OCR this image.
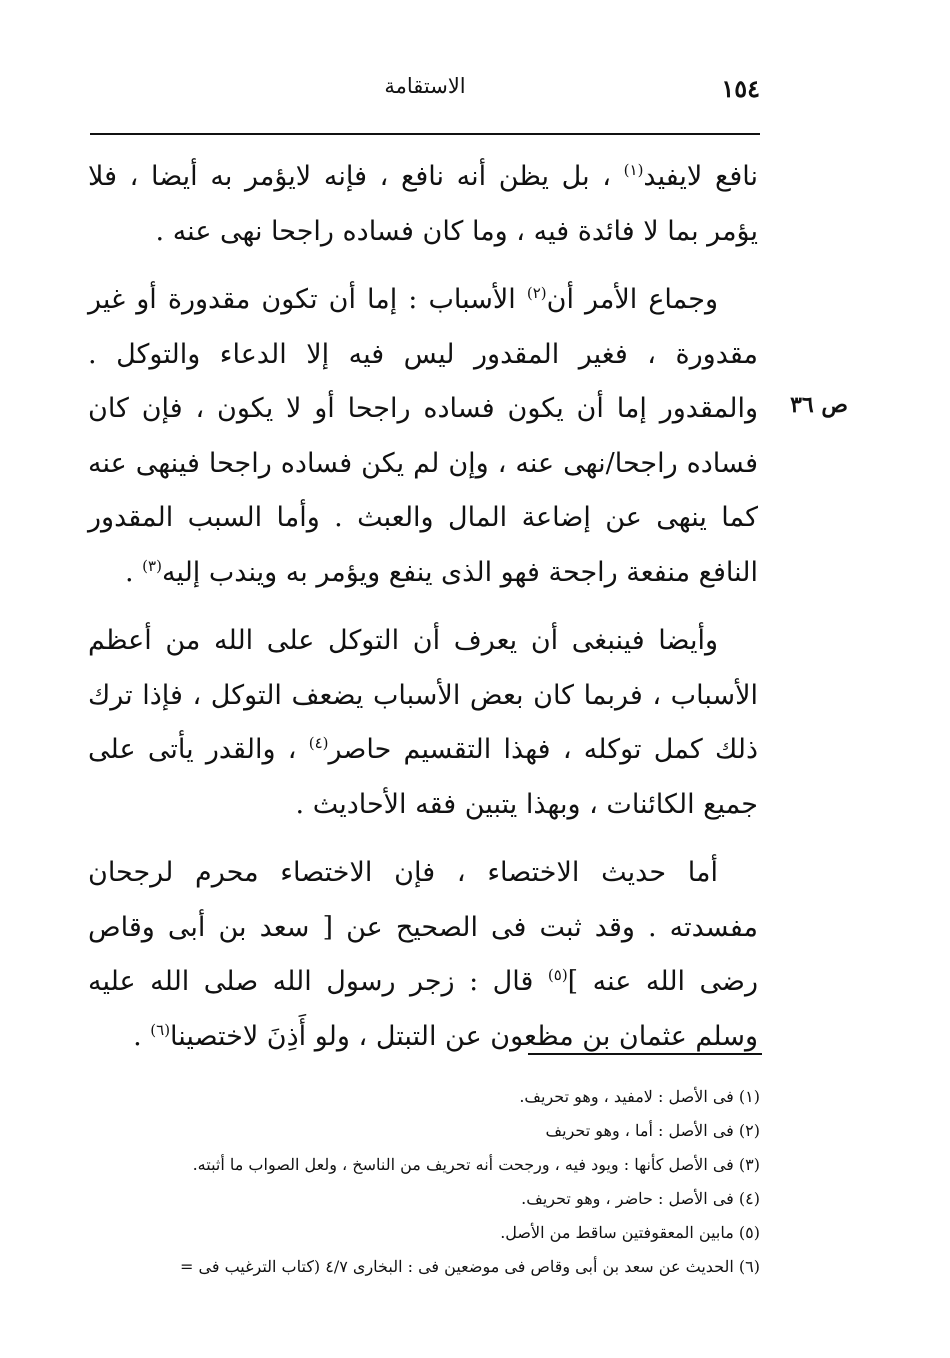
١٥٤
الاستقامة
ص ٣٦

نافع لايفيد$^{(١)}$ ، بل يظن أنه نافع ، فإنه لايؤمر به أيضا ، فلا يؤمر بما لا فائدة فيه ، وما كان فساده راجحا نهى عنه .

وجماع الأمر أن$^{(٢)}$ الأسباب : إما أن تكون مقدورة أو غير مقدورة ، فغير المقدور ليس فيه إلا الدعاء والتوكل . والمقدور إما أن يكون فساده راجحا أو لا يكون ، فإن كان فساده راجحا/نهى عنه ، وإن لم يكن فساده راجحا فينهى عنه كما ينهى عن إضاعة المال والعبث . وأما السبب المقدور النافع منفعة راجحة فهو الذى ينفع ويؤمر به ويندب إليه$^{(٣)}$ .

وأيضا فينبغى أن يعرف أن التوكل على الله من أعظم الأسباب ، فربما كان بعض الأسباب يضعف التوكل ، فإذا ترك ذلك كمل توكله ، فهذا التقسيم حاصر$^{(٤)}$ ، والقدر يأتى على جميع الكائنات ، وبهذا يتبين فقه الأحاديث .

أما حديث الاختصاء ، فإن الاختصاء محرم لرجحان مفسدته . وقد ثبت فى الصحيح عن [ سعد بن أبى وقاص رضى الله عنه ]$^{(٥)}$ قال : زجر رسول الله صلى الله عليه وسلم عثمان بن مظعون عن التبتل ، ولو أَذِنَ لاختصينا$^{(٦)}$ .

(١) فى الأصل : لامفيد ، وهو تحريف.
(٢) فى الأصل : أما ، وهو تحريف
(٣) فى الأصل كأنها : ويود فيه ، ورجحت أنه تحريف من الناسخ ، ولعل الصواب ما أثبته.
(٤) فى الأصل : حاضر ، وهو تحريف.
(٥) مابين المعقوفتين ساقط من الأصل.
(٦) الحديث عن سعد بن أبى وقاص فى موضعين فى : البخارى ٤/٧ (كتاب الترغيب فى =
